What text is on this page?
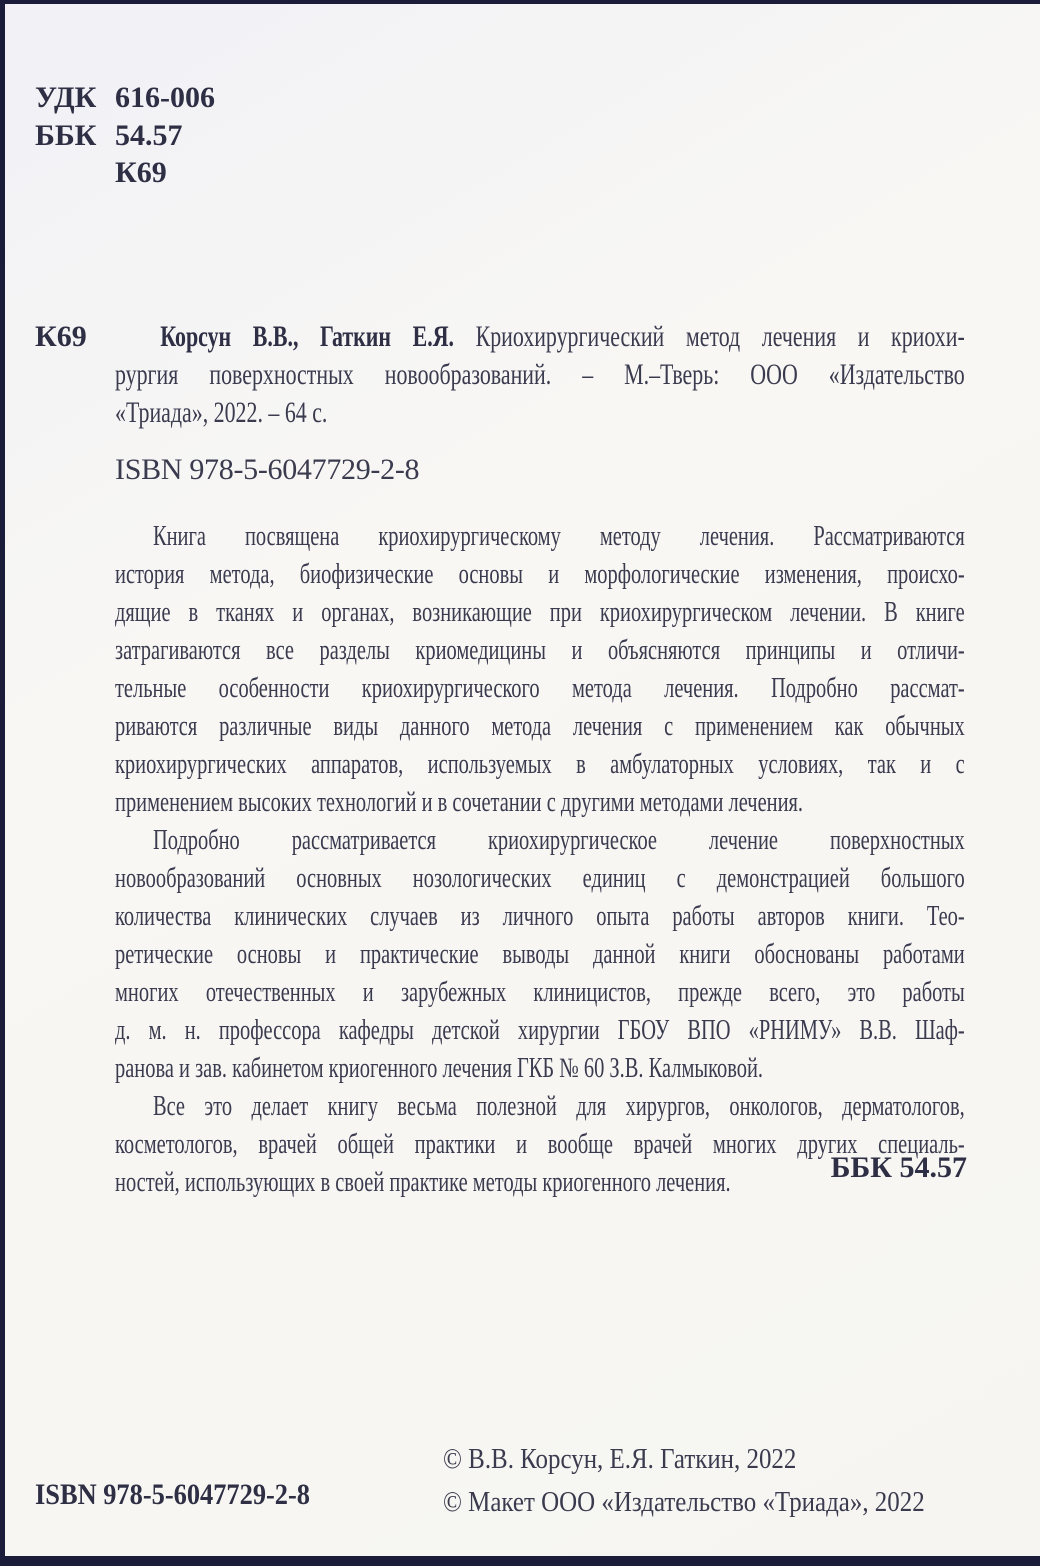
УДК 616-006
ББК 54.57
К69
К69	Корсун В.В., Гаткин Е.Я. Криохирургический метод лечения и криохи-
рургия поверхностных новообразований. – М.–Тверь: ООО «Издательство
«Триада», 2022. – 64 с.
ISBN 978-5-6047729-2-8
Книга посвящена криохирургическому методу лечения. Рассматриваются
история метода, биофизические основы и морфологические изменения, происхо-
дящие в тканях и органах, возникающие при криохирургическом лечении. В книге
затрагиваются все разделы криомедицины и объясняются принципы и отличи-
тельные особенности криохирургического метода лечения. Подробно рассмат-
риваются различные виды данного метода лечения с применением как обычных
криохирургических аппаратов, используемых в амбулаторных условиях, так и с
применением высоких технологий и в сочетании с другими методами лечения.
Подробно рассматривается криохирургическое лечение поверхностных
новообразований основных нозологических единиц с демонстрацией большого
количества клинических случаев из личного опыта работы авторов книги. Тео-
ретические основы и практические выводы данной книги обоснованы работами
многих отечественных и зарубежных клиницистов, прежде всего, это работы
д. м. н. профессора кафедры детской хирургии ГБОУ ВПО «РНИМУ» В.В. Шаф-
ранова и зав. кабинетом криогенного лечения ГКБ № 60 З.В. Калмыковой.
Все это делает книгу весьма полезной для хирургов, онкологов, дерматологов,
косметологов, врачей общей практики и вообще врачей многих других специаль-
ностей, использующих в своей практике методы криогенного лечения.	ББК 54.57
ISBN 978-5-6047729-2-8
© В.В. Корсун, Е.Я. Гаткин, 2022
© Макет ООО «Издательство «Триада», 2022
